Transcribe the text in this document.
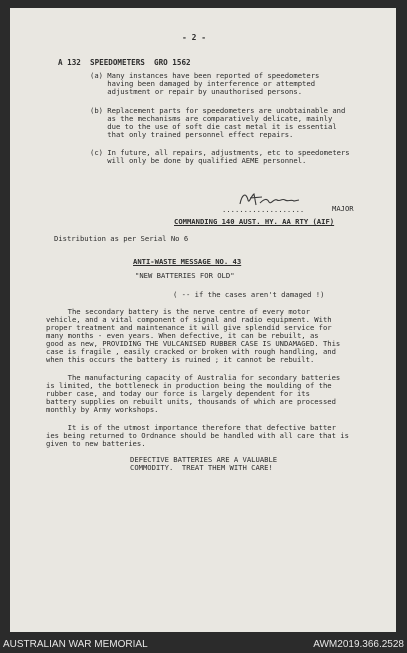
- 2 -
A 132  SPEEDOMETERS  GRO 1562
(a) Many instances have been reported of speedometers
having been damaged by interference or attempted
adjustment or repair by unauthorised persons.
(b) Replacement parts for speedometers are unobtainable and
as the mechanisms are comparatively delicate, mainly
due to the use of soft die cast metal it is essential
that only trained personnel effect repairs.
(c) In future, all repairs, adjustments, etc to speedometers
will only be done by qualified AEME personnel.
...................	MAJOR
COMMANDING 140 AUST. HY. AA RTY (AIF)
Distribution as per Serial No 6
ANTI-WASTE MESSAGE NO. 43
"NEW BATTERIES FOR OLD"
( -- if the cases aren't damaged !)
The secondary battery is the nerve centre of every motor
vehicle, and a vital component of signal and radio equipment. With
proper treatment and maintenance it will give splendid service for
many months - even years. When defective, it can be rebuilt, as
good as new, PROVIDING THE VULCANISED RUBBER CASE IS UNDAMAGED. This
case is fragile , easily cracked or broken with rough handling, and
when this occurs the battery is ruined ; it cannot be rebuilt.
The manufacturing capacity of Australia for secondary batteries
is limited, the bottleneck in production being the moulding of the
rubber case, and today our force is largely dependent for its
battery supplies on rebuilt units, thousands of which are processed
monthly by Army workshops.
It is of the utmost importance therefore that defective batter
ies being returned to Ordnance should be handled with all care that is
given to new batteries.
DEFECTIVE BATTERIES ARE A VALUABLE
COMMODITY.  TREAT THEM WITH CARE!
AUSTRALIAN WAR MEMORIAL	AWM2019.366.2528
